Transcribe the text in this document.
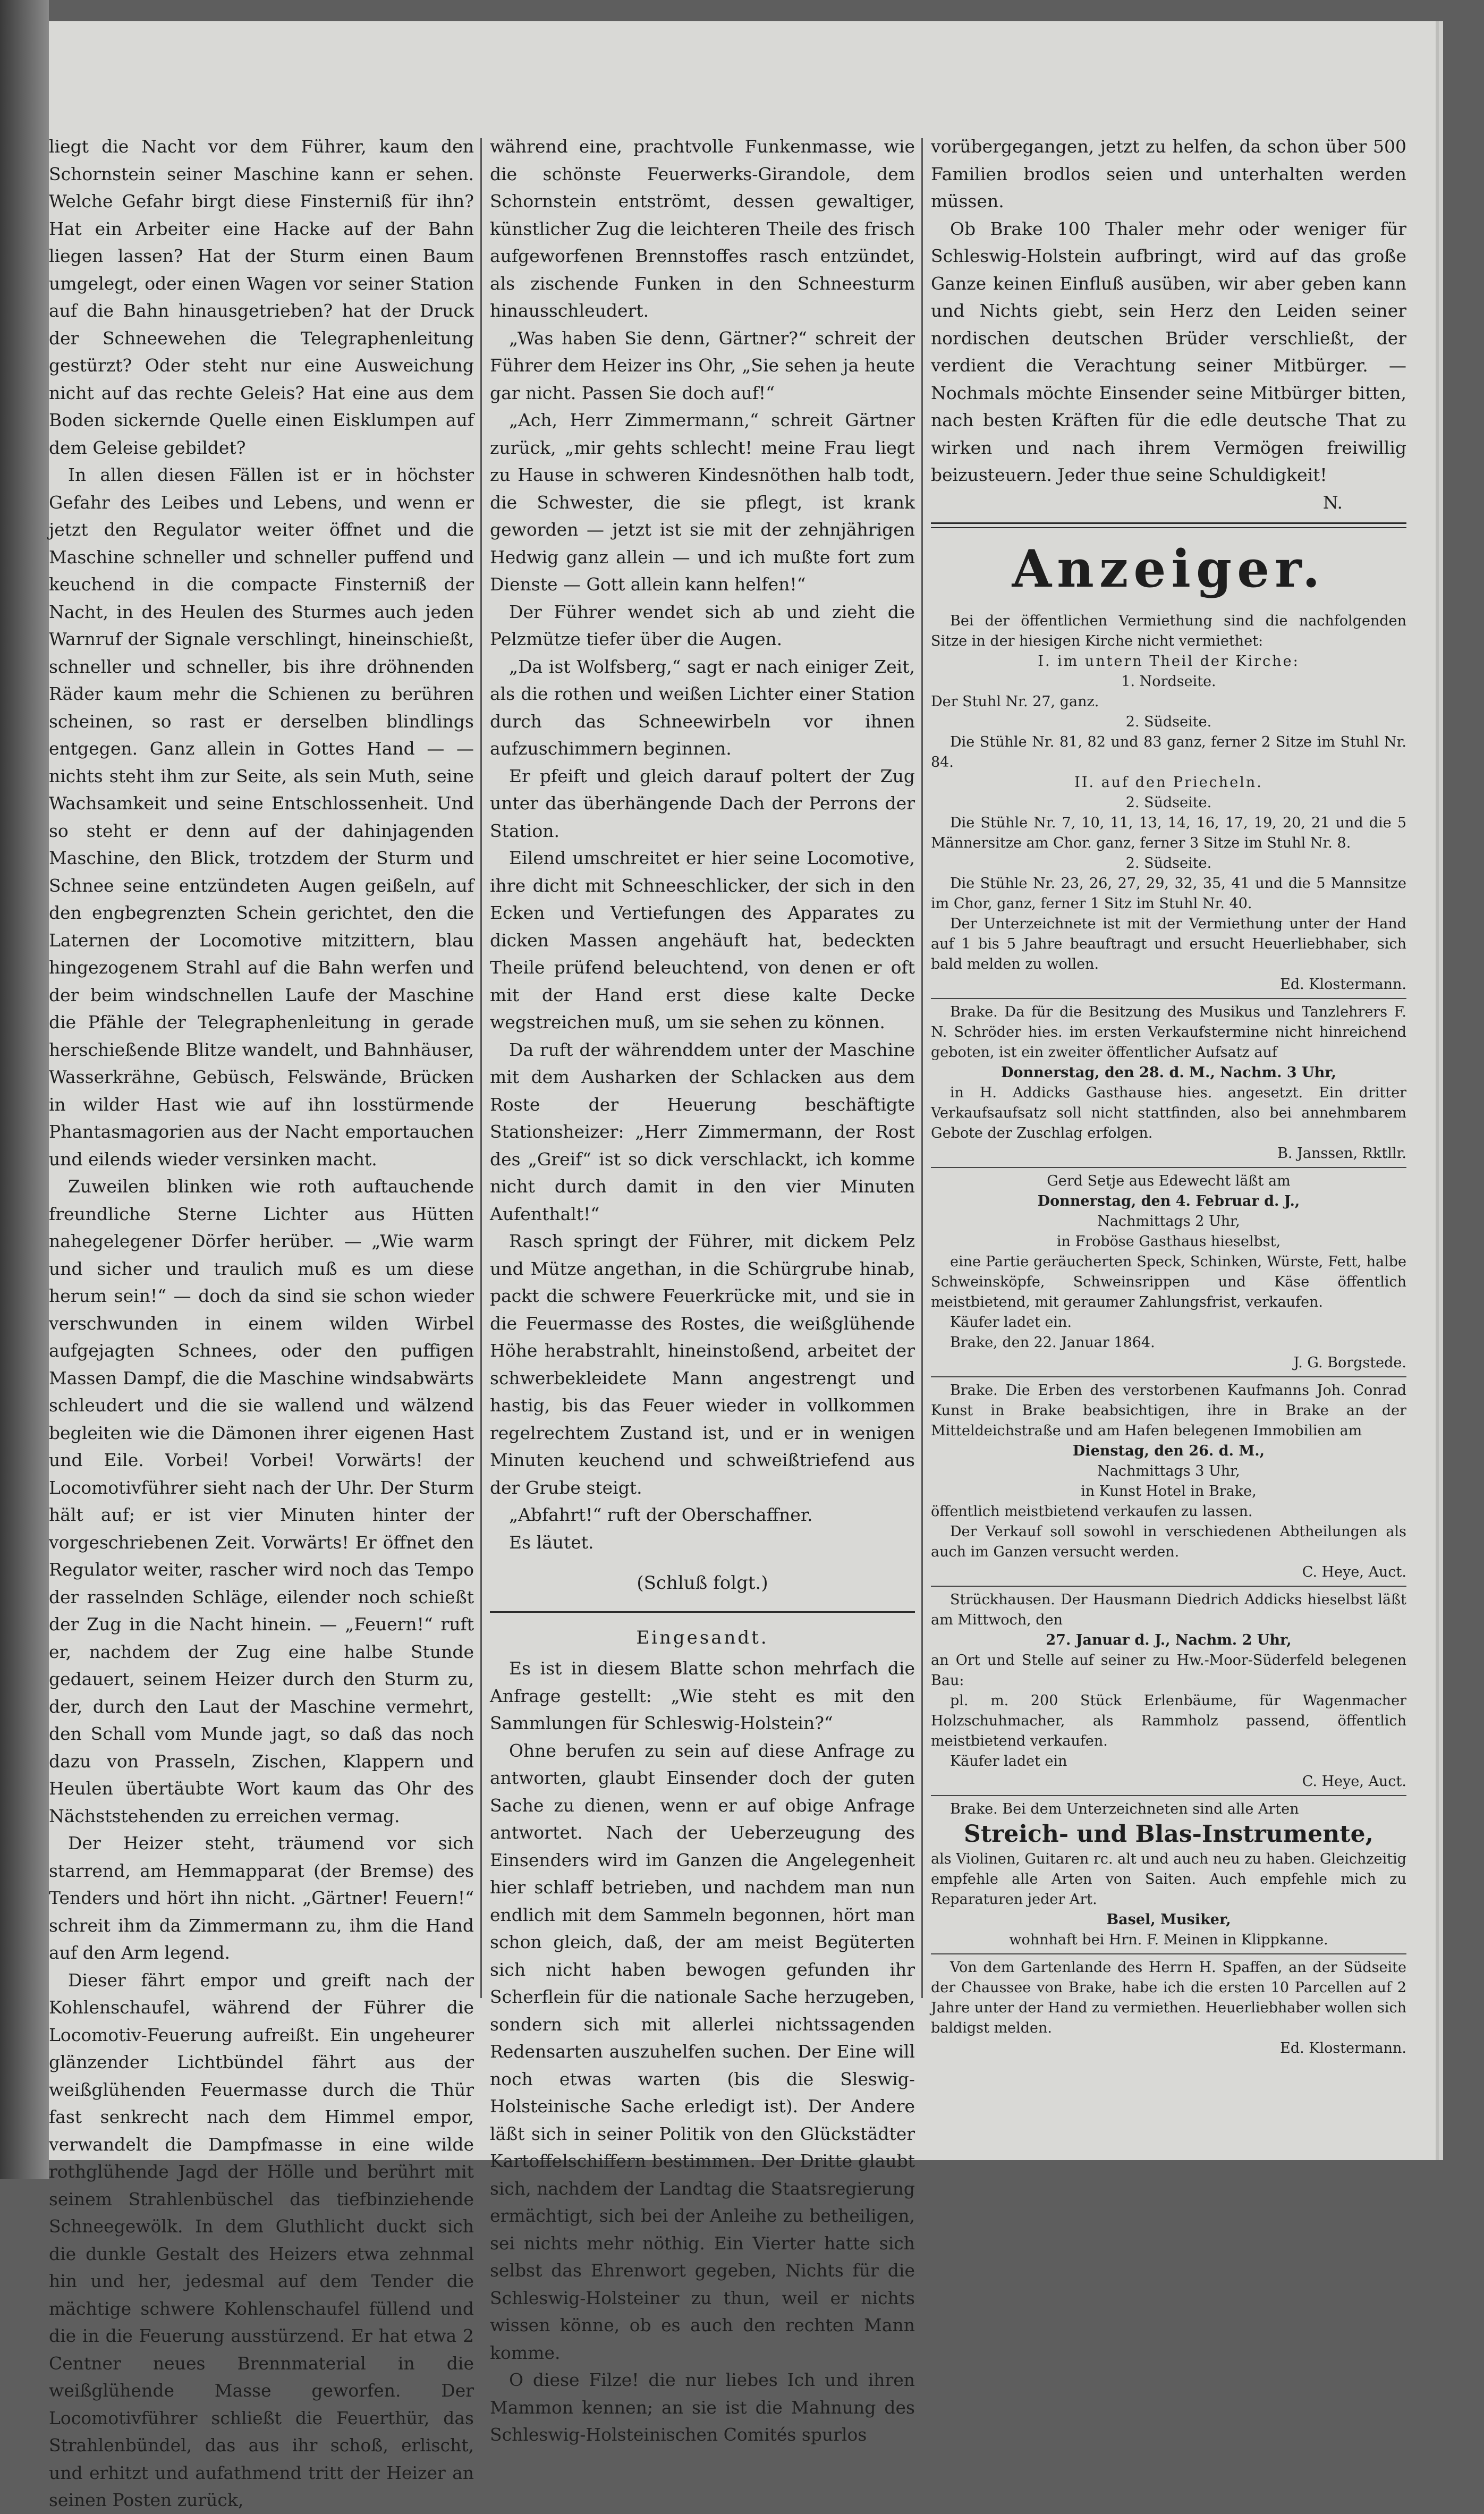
liegt die Nacht vor dem Führer, kaum den Schornstein seiner Maschine kann er sehen. Welche Gefahr birgt diese Finsterniß für ihn? Hat ein Arbeiter eine Hacke auf der Bahn liegen lassen? Hat der Sturm einen Baum umgelegt, oder einen Wagen vor seiner Station auf die Bahn hinausgetrieben? hat der Druck der Schneewehen die Telegraphenleitung gestürzt? Oder steht nur eine Ausweichung nicht auf das rechte Geleis? Hat eine aus dem Boden sickernde Quelle einen Eisklumpen auf dem Geleise gebildet?

In allen diesen Fällen ist er in höchster Gefahr des Leibes und Lebens, und wenn er jetzt den Regulator weiter öffnet und die Maschine schneller und schneller puffend und keuchend in die compacte Finsterniß der Nacht, in des Heulen des Sturmes auch jeden Warnruf der Signale verschlingt, hineinschießt, schneller und schneller, bis ihre dröhnenden Räder kaum mehr die Schienen zu berühren scheinen, so rast er derselben blindlings entgegen. Ganz allein in Gottes Hand — — nichts steht ihm zur Seite, als sein Muth, seine Wachsamkeit und seine Entschlossenheit. Und so steht er denn auf der dahinjagenden Maschine, den Blick, trotzdem der Sturm und Schnee seine entzündeten Augen geißeln, auf den engbegrenzten Schein gerichtet, den die Laternen der Locomotive mitzittern, blau hingezogenem Strahl auf die Bahn werfen und der beim windschnellen Laufe der Maschine die Pfähle der Telegraphenleitung in gerade herschießende Blitze wandelt, und Bahnhäuser, Wasserkrähne, Gebüsch, Felswände, Brücken in wilder Hast wie auf ihn losstürmende Phantasmagorien aus der Nacht emportauchen und eilends wieder versinken macht.

Zuweilen blinken wie roth auftauchende freundliche Sterne Lichter aus Hütten nahegelegener Dörfer herüber. — „Wie warm und sicher und traulich muß es um diese herum sein!“ — doch da sind sie schon wieder verschwunden in einem wilden Wirbel aufgejagten Schnees, oder den puffigen Massen Dampf, die die Maschine windsabwärts schleudert und die sie wallend und wälzend begleiten wie die Dämonen ihrer eigenen Hast und Eile. Vorbei! Vorbei! Vorwärts! der Locomotivführer sieht nach der Uhr. Der Sturm hält auf; er ist vier Minuten hinter der vorgeschriebenen Zeit. Vorwärts! Er öffnet den Regulator weiter, rascher wird noch das Tempo der rasselnden Schläge, eilender noch schießt der Zug in die Nacht hinein. — „Feuern!“ ruft er, nachdem der Zug eine halbe Stunde gedauert, seinem Heizer durch den Sturm zu, der, durch den Laut der Maschine vermehrt, den Schall vom Munde jagt, so daß das noch dazu von Prasseln, Zischen, Klappern und Heulen übertäubte Wort kaum das Ohr des Nächststehenden zu erreichen vermag.

Der Heizer steht, träumend vor sich starrend, am Hemmapparat (der Bremse) des Tenders und hört ihn nicht. „Gärtner! Feuern!“ schreit ihm da Zimmermann zu, ihm die Hand auf den Arm legend.

Dieser fährt empor und greift nach der Kohlenschaufel, während der Führer die Locomotiv-Feuerung aufreißt. Ein ungeheurer glänzender Lichtbündel fährt aus der weißglühenden Feuermasse durch die Thür fast senkrecht nach dem Himmel empor, verwandelt die Dampfmasse in eine wilde rothglühende Jagd der Hölle und berührt mit seinem Strahlenbüschel das tiefbinziehende Schneegewölk. In dem Gluthlicht duckt sich die dunkle Gestalt des Heizers etwa zehnmal hin und her, jedesmal auf dem Tender die mächtige schwere Kohlenschaufel füllend und die in die Feuerung ausstürzend. Er hat etwa 2 Centner neues Brennmaterial in die weißglühende Masse geworfen. Der Locomotivführer schließt die Feuerthür, das Strahlenbündel, das aus ihr schoß, erlischt, und erhitzt und aufathmend tritt der Heizer an seinen Posten zurück,

während eine, prachtvolle Funkenmasse, wie die schönste Feuerwerks-Girandole, dem Schornstein entströmt, dessen gewaltiger, künstlicher Zug die leichteren Theile des frisch aufgeworfenen Brennstoffes rasch entzündet, als zischende Funken in den Schneesturm hinausschleudert.

„Was haben Sie denn, Gärtner?“ schreit der Führer dem Heizer ins Ohr, „Sie sehen ja heute gar nicht. Passen Sie doch auf!“

„Ach, Herr Zimmermann,“ schreit Gärtner zurück, „mir gehts schlecht! meine Frau liegt zu Hause in schweren Kindesnöthen halb todt, die Schwester, die sie pflegt, ist krank geworden — jetzt ist sie mit der zehnjährigen Hedwig ganz allein — und ich mußte fort zum Dienste — Gott allein kann helfen!“

Der Führer wendet sich ab und zieht die Pelzmütze tiefer über die Augen.

„Da ist Wolfsberg,“ sagt er nach einiger Zeit, als die rothen und weißen Lichter einer Station durch das Schneewirbeln vor ihnen aufzuschimmern beginnen.

Er pfeift und gleich darauf poltert der Zug unter das überhängende Dach der Perrons der Station.

Eilend umschreitet er hier seine Locomotive, ihre dicht mit Schneeschlicker, der sich in den Ecken und Vertiefungen des Apparates zu dicken Massen angehäuft hat, bedeckten Theile prüfend beleuchtend, von denen er oft mit der Hand erst diese kalte Decke wegstreichen muß, um sie sehen zu können.

Da ruft der währenddem unter der Maschine mit dem Ausharken der Schlacken aus dem Roste der Heuerung beschäftigte Stationsheizer: „Herr Zimmermann, der Rost des „Greif“ ist so dick verschlackt, ich komme nicht durch damit in den vier Minuten Aufenthalt!“

Rasch springt der Führer, mit dickem Pelz und Mütze angethan, in die Schürgrube hinab, packt die schwere Feuerkrücke mit, und sie in die Feuermasse des Rostes, die weißglühende Höhe herabstrahlt, hineinstoßend, arbeitet der schwerbekleidete Mann angestrengt und hastig, bis das Feuer wieder in vollkommen regelrechtem Zustand ist, und er in wenigen Minuten keuchend und schweißtriefend aus der Grube steigt.

„Abfahrt!“ ruft der Oberschaffner.

Es läutet.

(Schluß folgt.)
Eingesandt.

Es ist in diesem Blatte schon mehrfach die Anfrage gestellt: „Wie steht es mit den Sammlungen für Schleswig-Holstein?“

Ohne berufen zu sein auf diese Anfrage zu antworten, glaubt Einsender doch der guten Sache zu dienen, wenn er auf obige Anfrage antwortet. Nach der Ueberzeugung des Einsenders wird im Ganzen die Angelegenheit hier schlaff betrieben, und nachdem man nun endlich mit dem Sammeln begonnen, hört man schon gleich, daß, der am meist Begüterten sich nicht haben bewogen gefunden ihr Scherflein für die nationale Sache herzugeben, sondern sich mit allerlei nichtssagenden Redensarten auszuhelfen suchen. Der Eine will noch etwas warten (bis die Sleswig-Holsteinische Sache erledigt ist). Der Andere läßt sich in seiner Politik von den Glückstädter Kartoffelschiffern bestimmen. Der Dritte glaubt sich, nachdem der Landtag die Staatsregierung ermächtigt, sich bei der Anleihe zu betheiligen, sei nichts mehr nöthig. Ein Vierter hatte sich selbst das Ehrenwort gegeben, Nichts für die Schleswig-Holsteiner zu thun, weil er nichts wissen könne, ob es auch den rechten Mann komme.

O diese Filze! die nur liebes Ich und ihren Mammon kennen; an sie ist die Mahnung des Schleswig-Holsteinischen Comités spurlos

vorübergegangen, jetzt zu helfen, da schon über 500 Familien brodlos seien und unterhalten werden müssen.

Ob Brake 100 Thaler mehr oder weniger für Schleswig-Holstein aufbringt, wird auf das große Ganze keinen Einfluß ausüben, wir aber geben kann und Nichts giebt, sein Herz den Leiden seiner nordischen deutschen Brüder verschließt, der verdient die Verachtung seiner Mitbürger. — Nochmals möchte Einsender seine Mitbürger bitten, nach besten Kräften für die edle deutsche That zu wirken und nach ihrem Vermögen freiwillig beizusteuern. Jeder thue seine Schuldigkeit!

N.
Anzeiger.

Bei der öffentlichen Vermiethung sind die nachfolgenden Sitze in der hiesigen Kirche nicht vermiethet:

I. im untern Theil der Kirche:
1. Nordseite.
Der Stuhl Nr. 27, ganz.
2. Südseite.

Die Stühle Nr. 81, 82 und 83 ganz, ferner 2 Sitze im Stuhl Nr. 84.

II. auf den Priecheln.
2. Südseite.

Die Stühle Nr. 7, 10, 11, 13, 14, 16, 17, 19, 20, 21 und die 5 Männersitze am Chor. ganz, ferner 3 Sitze im Stuhl Nr. 8.

2. Südseite.

Die Stühle Nr. 23, 26, 27, 29, 32, 35, 41 und die 5 Mannsitze im Chor, ganz, ferner 1 Sitz im Stuhl Nr. 40.

Der Unterzeichnete ist mit der Vermiethung unter der Hand auf 1 bis 5 Jahre beauftragt und ersucht Heuerliebhaber, sich bald melden zu wollen.

Ed. Klostermann.

Brake. Da für die Besitzung des Musikus und Tanzlehrers F. N. Schröder hies. im ersten Verkaufstermine nicht hinreichend geboten, ist ein zweiter öffentlicher Aufsatz auf

Donnerstag, den 28. d. M., Nachm. 3 Uhr,

in H. Addicks Gasthause hies. angesetzt. Ein dritter Verkaufsaufsatz soll nicht stattfinden, also bei annehmbarem Gebote der Zuschlag erfolgen.

B. Janssen, Rktllr.
Gerd Setje aus Edewecht läßt am
Donnerstag, den 4. Februar d. J.,
Nachmittags 2 Uhr,
in Froböse Gasthaus hieselbst,

eine Partie geräucherten Speck, Schinken, Würste, Fett, halbe Schweinsköpfe, Schweinsrippen und Käse öffentlich meistbietend, mit geraumer Zahlungsfrist, verkaufen.

Käufer ladet ein.

Brake, den 22. Januar 1864.

J. G. Borgstede.

Brake. Die Erben des verstorbenen Kaufmanns Joh. Conrad Kunst in Brake beabsichtigen, ihre in Brake an der Mitteldeichstraße und am Hafen belegenen Immobilien am

Dienstag, den 26. d. M.,
Nachmittags 3 Uhr,
in Kunst Hotel in Brake,
öffentlich meistbietend verkaufen zu lassen.

Der Verkauf soll sowohl in verschiedenen Abtheilungen als auch im Ganzen versucht werden.

C. Heye, Auct.

Strückhausen. Der Hausmann Diedrich Addicks hieselbst läßt am Mittwoch, den

27. Januar d. J., Nachm. 2 Uhr,

an Ort und Stelle auf seiner zu Hw.-Moor-Süderfeld belegenen Bau:

pl. m. 200 Stück Erlenbäume, für Wagenmacher Holzschuhmacher, als Rammholz passend, öffentlich meistbietend verkaufen.

Käufer ladet ein

C. Heye, Auct.

Brake. Bei dem Unterzeichneten sind alle Arten

Streich- und Blas-Instrumente,

als Violinen, Guitaren rc. alt und auch neu zu haben. Gleichzeitig empfehle alle Arten von Saiten. Auch empfehle mich zu Reparaturen jeder Art.

Basel, Musiker,
wohnhaft bei Hrn. F. Meinen in Klippkanne.

Von dem Gartenlande des Herrn H. Spaffen, an der Südseite der Chaussee von Brake, habe ich die ersten 10 Parcellen auf 2 Jahre unter der Hand zu vermiethen. Heuerliebhaber wollen sich baldigst melden.

Ed. Klostermann.
